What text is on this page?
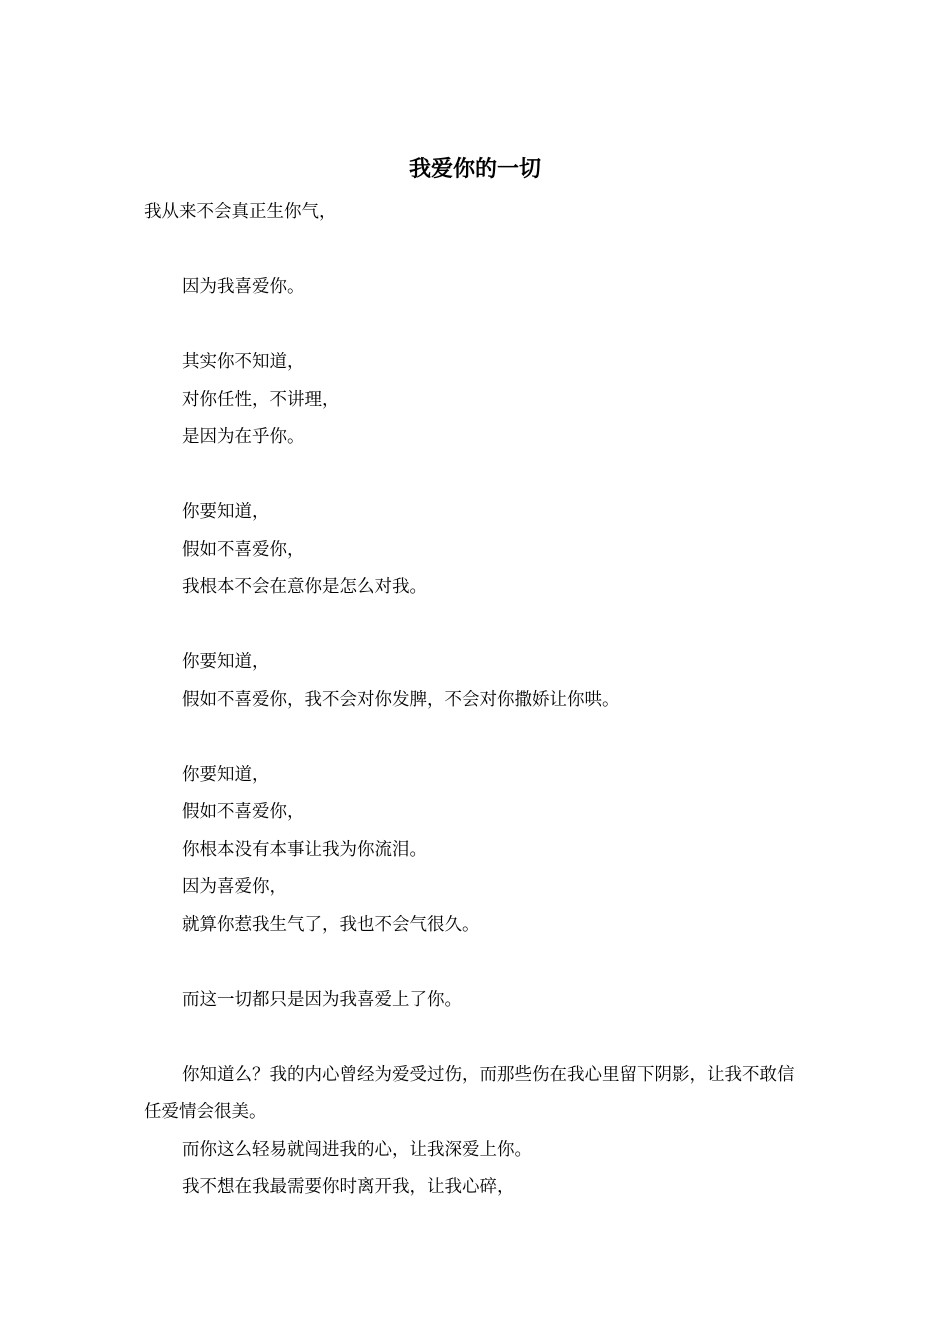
我爱你的一切
我从来不会真正生你气，
因为我喜爱你。
其实你不知道，
对你任性，不讲理，
是因为在乎你。
你要知道，
假如不喜爱你，
我根本不会在意你是怎么对我。
你要知道，
假如不喜爱你，我不会对你发脾，不会对你撒娇让你哄。
你要知道，
假如不喜爱你，
你根本没有本事让我为你流泪。
因为喜爱你，
就算你惹我生气了，我也不会气很久。
而这一切都只是因为我喜爱上了你。
你知道么？我的内心曾经为爱受过伤，而那些伤在我心里留下阴影，让我不敢信任爱情会很美。
而你这么轻易就闯进我的心，让我深爱上你。
我不想在我最需要你时离开我，让我心碎，
